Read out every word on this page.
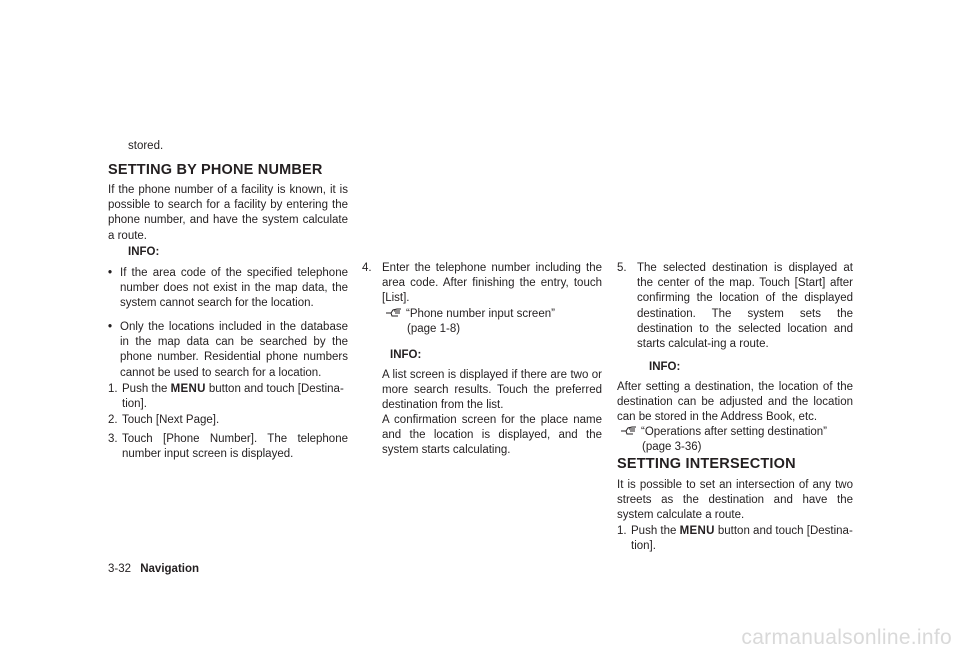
stored.

SETTING BY PHONE NUMBER

If the phone number of a facility is known, it is possible to search for a facility by entering the phone number, and have the system calculate a route.

INFO:
• If the area code of the specified telephone number does not exist in the map data, the system cannot search for the location.
• Only the locations included in the database in the map data can be searched by the phone number. Residential phone numbers cannot be used to search for a location.
1. Push the MENU button and touch [Destina-tion].
2. Touch [Next Page].
3. Touch [Phone Number]. The telephone number input screen is displayed.
4. Enter the telephone number including the area code. After finishing the entry, touch [List].
“Phone number input screen”
(page 1-8)
INFO:

A list screen is displayed if there are two or more search results. Touch the preferred destination from the list.

A confirmation screen for the place name and the location is displayed, and the system starts calculating.

5. The selected destination is displayed at the center of the map. Touch [Start] after confirming the location of the displayed destination. The system sets the destination to the selected location and starts calculat-ing a route.
INFO:

After setting a destination, the location of the destination can be adjusted and the location can be stored in the Address Book, etc.

“Operations after setting destination”
(page 3-36)
SETTING INTERSECTION

It is possible to set an intersection of any two streets as the destination and have the system calculate a route.

1. Push the MENU button and touch [Destina-tion].
3-32 Navigation
carmanualsonline.info
